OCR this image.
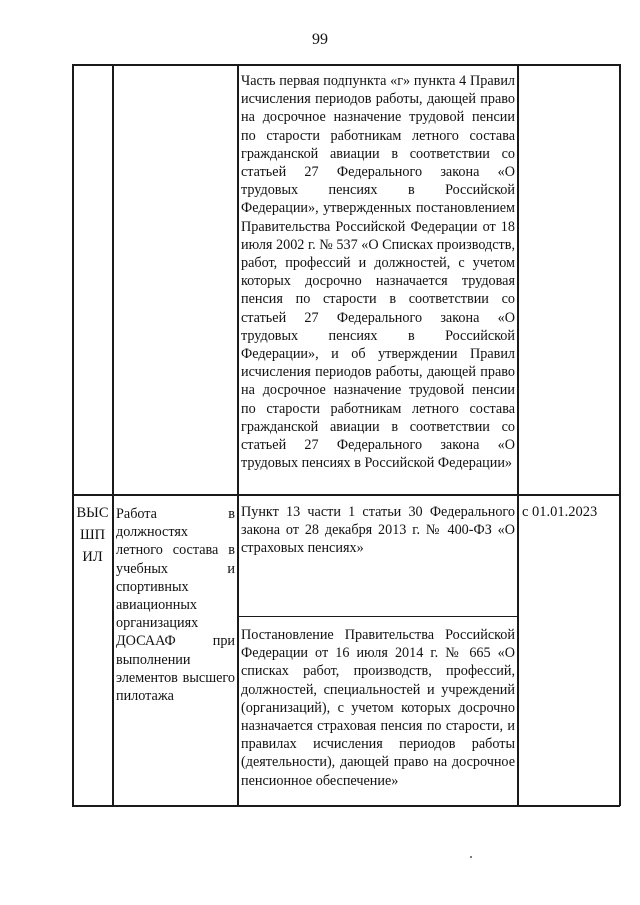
99
Часть первая подпункта «г» пункта 4 Правил исчисления периодов работы, дающей право на досрочное назначение трудовой пенсии по старости работникам летного состава гражданской авиации в соответствии со статьей 27 Федерального закона «О трудовых пенсиях в Российской Федерации», утвержденных постановлением Правительства Российской Федерации от 18 июля 2002 г. № 537 «О Списках производств, работ, профессий и должностей, с учетом которых досрочно назначается трудовая пенсия по старости в соответствии со статьей 27 Федерального закона «О трудовых пенсиях в Российской Федерации», и об утверждении Правил исчисления периодов работы, дающей право на досрочное назначение трудовой пенсии по старости работникам летного состава гражданской авиации в соответствии со статьей 27 Федерального закона «О трудовых пенсиях в Российской Федерации»
ВЫСШПИЛ
Работа в должностях летного состава в учебных и спортивных авиационных организациях ДОСААФ при выполнении элементов высшего пилотажа
Пункт 13 части 1 статьи 30 Федерального закона от 28 декабря 2013 г. № 400-ФЗ «О страховых пенсиях»
Постановление Правительства Российской Федерации от 16 июля 2014 г. № 665 «О списках работ, производств, профессий, должностей, специальностей и учреждений (организаций), с учетом которых досрочно назначается страховая пенсия по старости, и правилах исчисления периодов работы (деятельности), дающей право на досрочное пенсионное обеспечение»
с 01.01.2023
